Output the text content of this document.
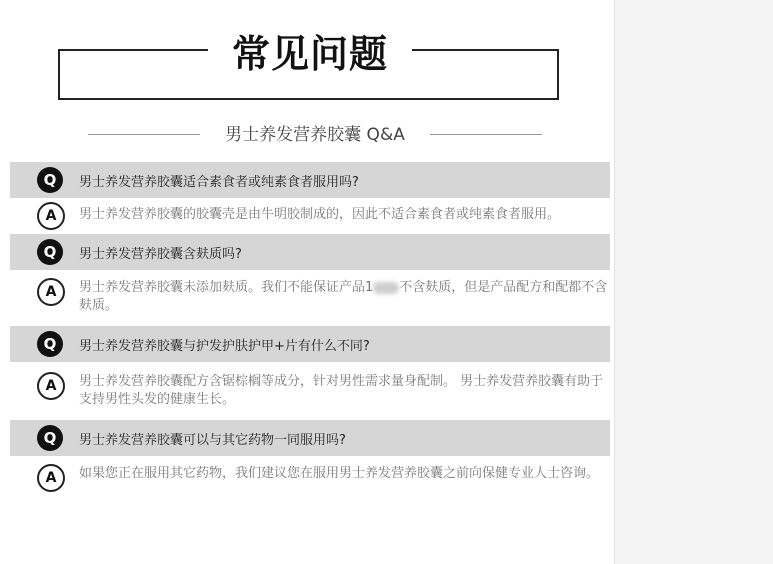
常见问题
男士养发营养胶囊 Q&A
Q	男士养发营养胶囊适合素食者或纯素食者服用吗?
A	男士养发营养胶囊的胶囊壳是由牛明胶制成的，因此不适合素食者或纯素食者服用。
Q	男士养发营养胶囊含麸质吗?
A	男士养发营养胶囊未添加麸质。我们不能保证产品1 不含麸质，但是产品配方和配都不含麸质。
Q	男士养发营养胶囊与护发护肤护甲+片有什么不同?
A	男士养发营养胶囊配方含锯棕榈等成分，针对男性需求量身配制。 男士养发营养胶囊有助于支持男性头发的健康生长。
Q	男士养发营养胶囊可以与其它药物一同服用吗?
A	如果您正在服用其它药物，我们建议您在服用男士养发营养胶囊之前向保健专业人士咨询。
